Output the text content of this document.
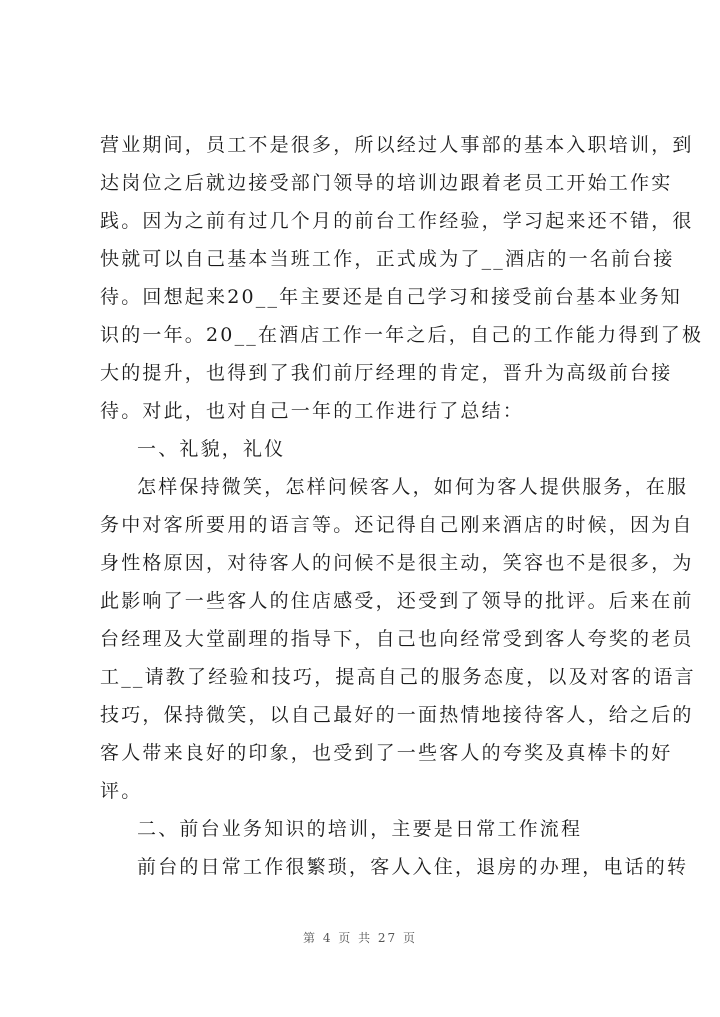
营业期间，员工不是很多，所以经过人事部的基本入职培训，到
达岗位之后就边接受部门领导的培训边跟着老员工开始工作实
践。因为之前有过几个月的前台工作经验，学习起来还不错，很
快就可以自己基本当班工作，正式成为了__酒店的一名前台接
待。回想起来20__年主要还是自己学习和接受前台基本业务知
识的一年。20__在酒店工作一年之后，自己的工作能力得到了极
大的提升，也得到了我们前厅经理的肯定，晋升为高级前台接
待。对此，也对自己一年的工作进行了总结：
一、礼貌，礼仪
怎样保持微笑，怎样问候客人，如何为客人提供服务，在服
务中对客所要用的语言等。还记得自己刚来酒店的时候，因为自
身性格原因，对待客人的问候不是很主动，笑容也不是很多，为
此影响了一些客人的住店感受，还受到了领导的批评。后来在前
台经理及大堂副理的指导下，自己也向经常受到客人夸奖的老员
工__请教了经验和技巧，提高自己的服务态度，以及对客的语言
技巧，保持微笑，以自己最好的一面热情地接待客人，给之后的
客人带来良好的印象，也受到了一些客人的夸奖及真棒卡的好
评。
二、前台业务知识的培训，主要是日常工作流程
前台的日常工作很繁琐，客人入住，退房的办理，电话的转
第 4 页 共 27 页
